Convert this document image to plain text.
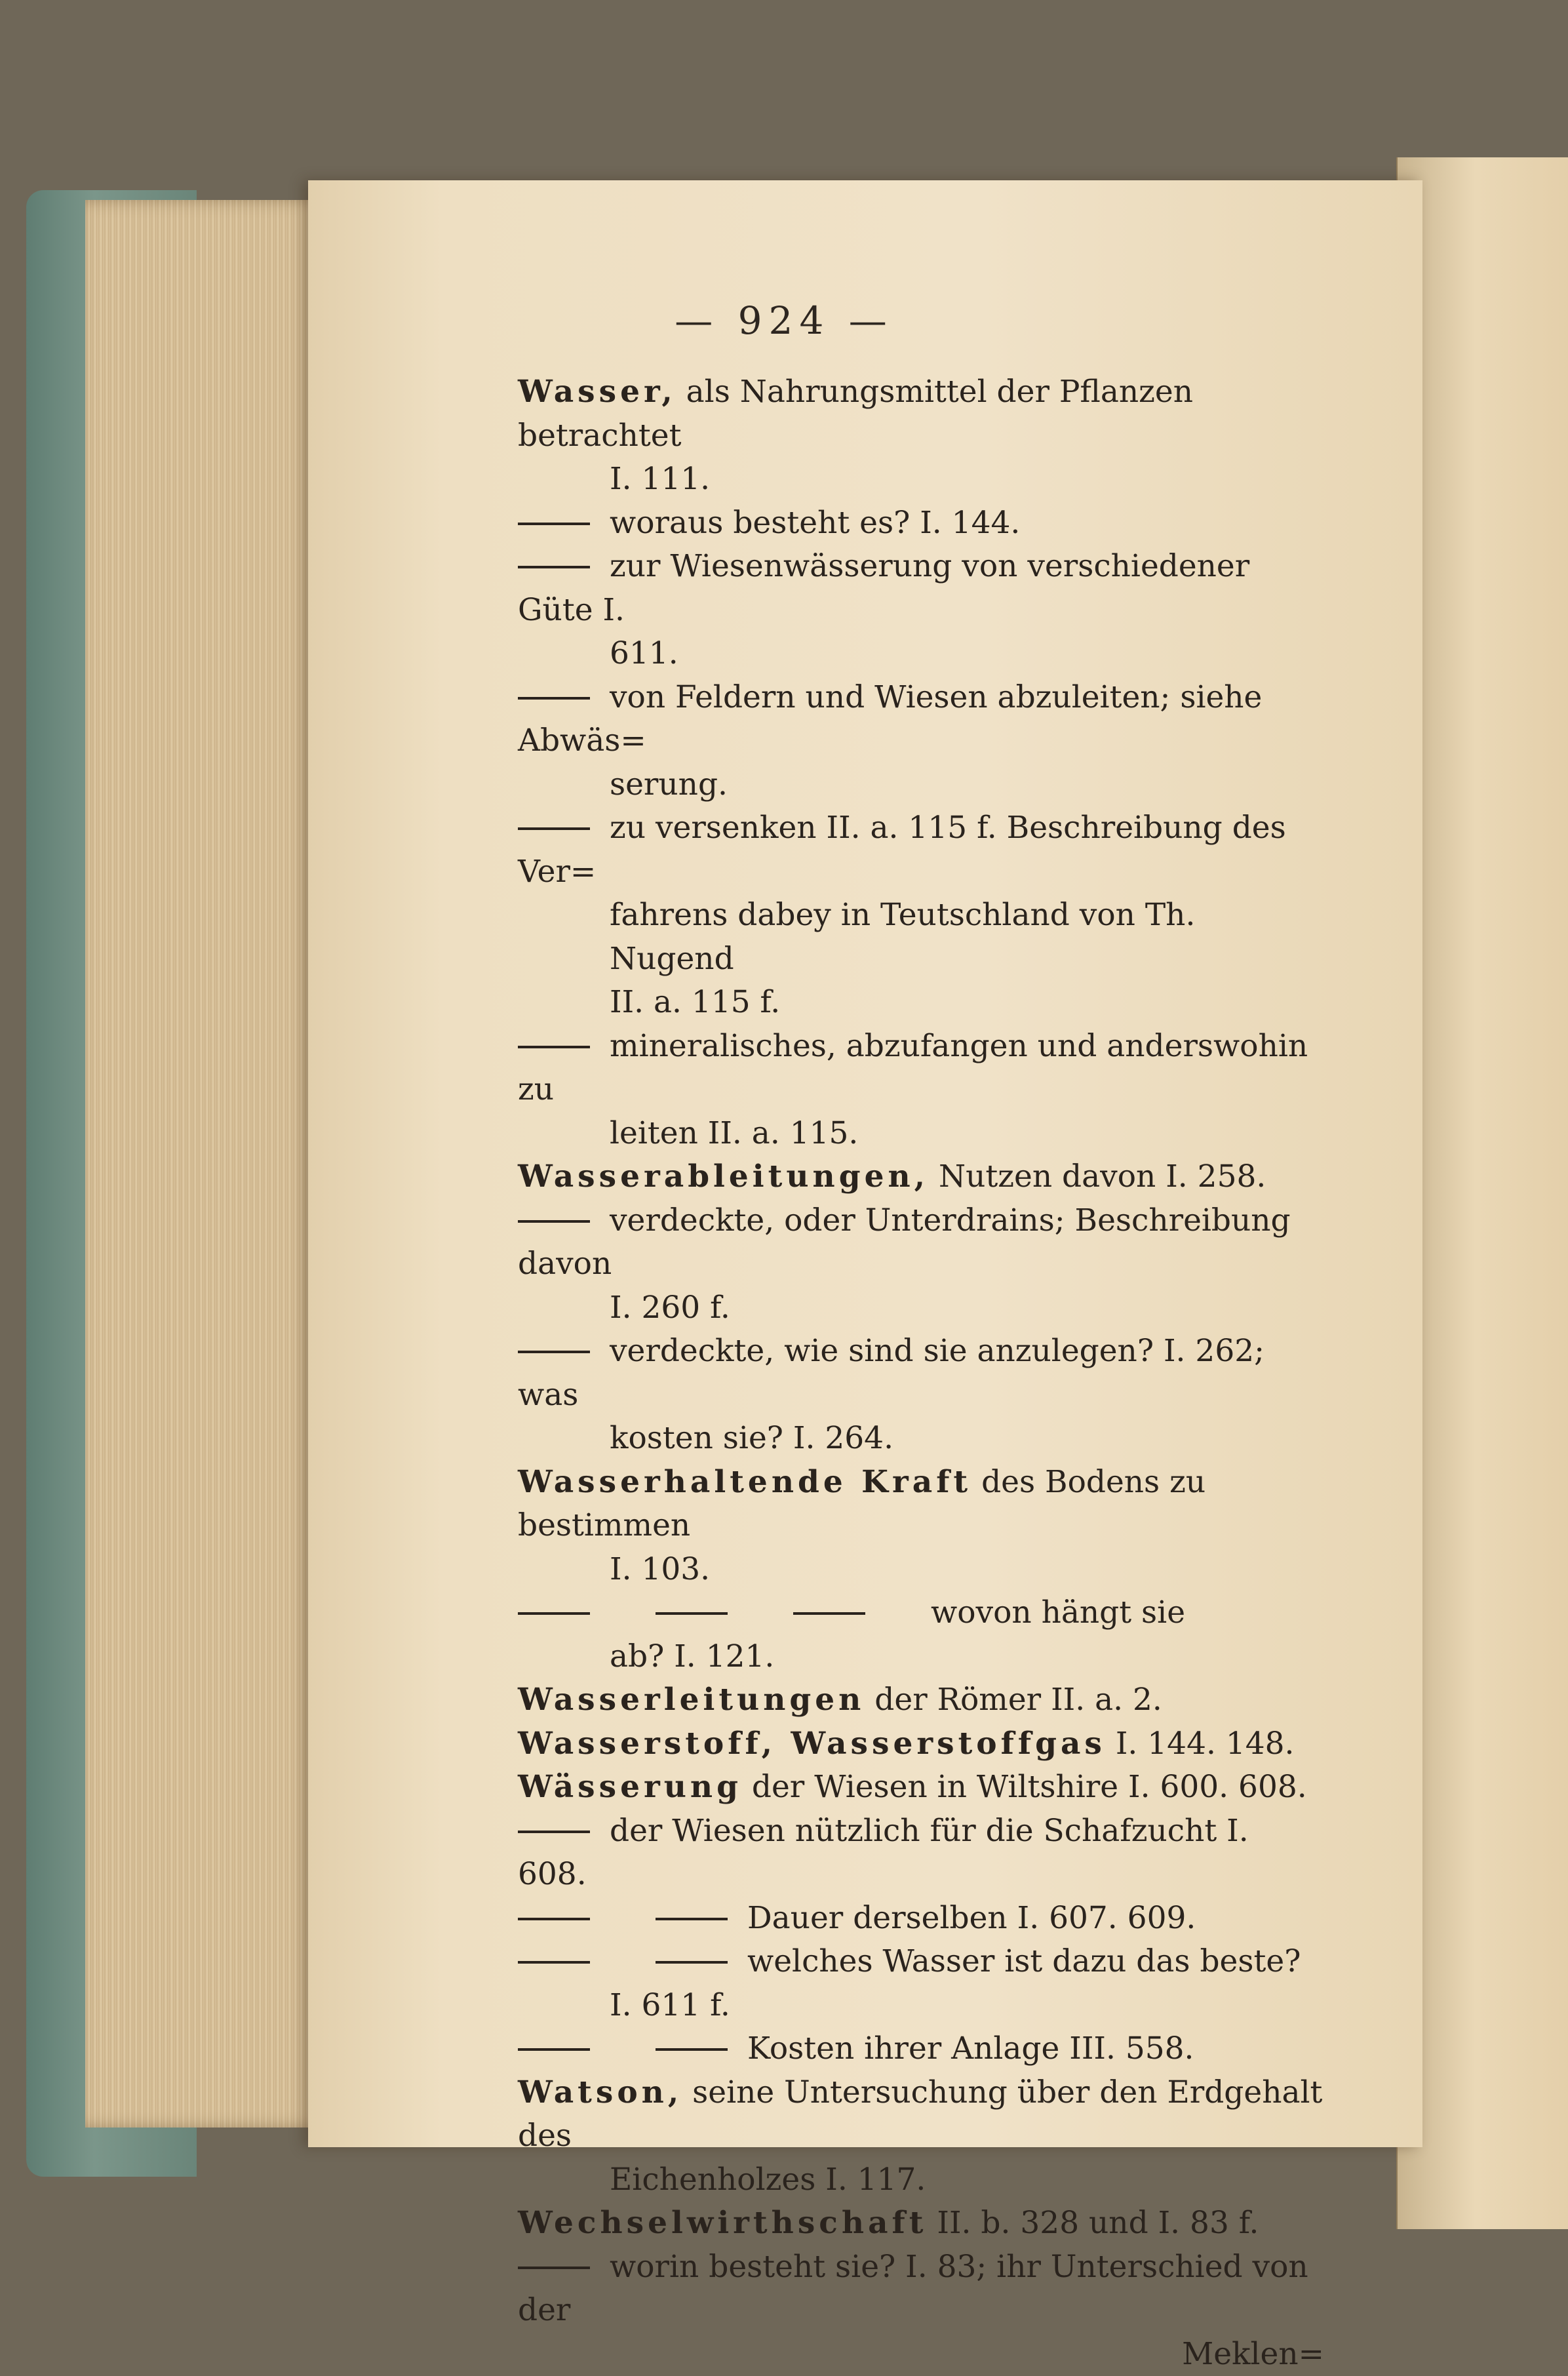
— 924 —

Wasser, als Nahrungsmittel der Pflanzen betrachtet

I. 111.

woraus besteht es? I. 144.

zur Wiesenwässerung von verschiedener Güte I.

611.

von Feldern und Wiesen abzuleiten; siehe Abwäs=

serung.

zu versenken II. a. 115 f. Beschreibung des Ver=

fahrens dabey in Teutschland von Th. Nugend

II. a. 115 f.

mineralisches, abzufangen und anderswohin zu

leiten II. a. 115.

Wasserableitungen, Nutzen davon I. 258.

verdeckte, oder Unterdrains; Beschreibung davon

I. 260 f.

verdeckte, wie sind sie anzulegen? I. 262; was

kosten sie? I. 264.

Wasserhaltende Kraft des Bodens zu bestimmen

I. 103.

wovon hängt sie

ab? I. 121.

Wasserleitungen der Römer II. a. 2.

Wasserstoff, Wasserstoffgas I. 144. 148.

Wässerung der Wiesen in Wiltshire I. 600. 608.

der Wiesen nützlich für die Schafzucht I. 608.

Dauer derselben I. 607. 609.

welches Wasser ist dazu das beste?

I. 611 f.

Kosten ihrer Anlage III. 558.

Watson, seine Untersuchung über den Erdgehalt des

Eichenholzes I. 117.

Wechselwirthschaft II. b. 328 und I. 83 f.

worin besteht sie? I. 83; ihr Unterschied von der

Meklen=
